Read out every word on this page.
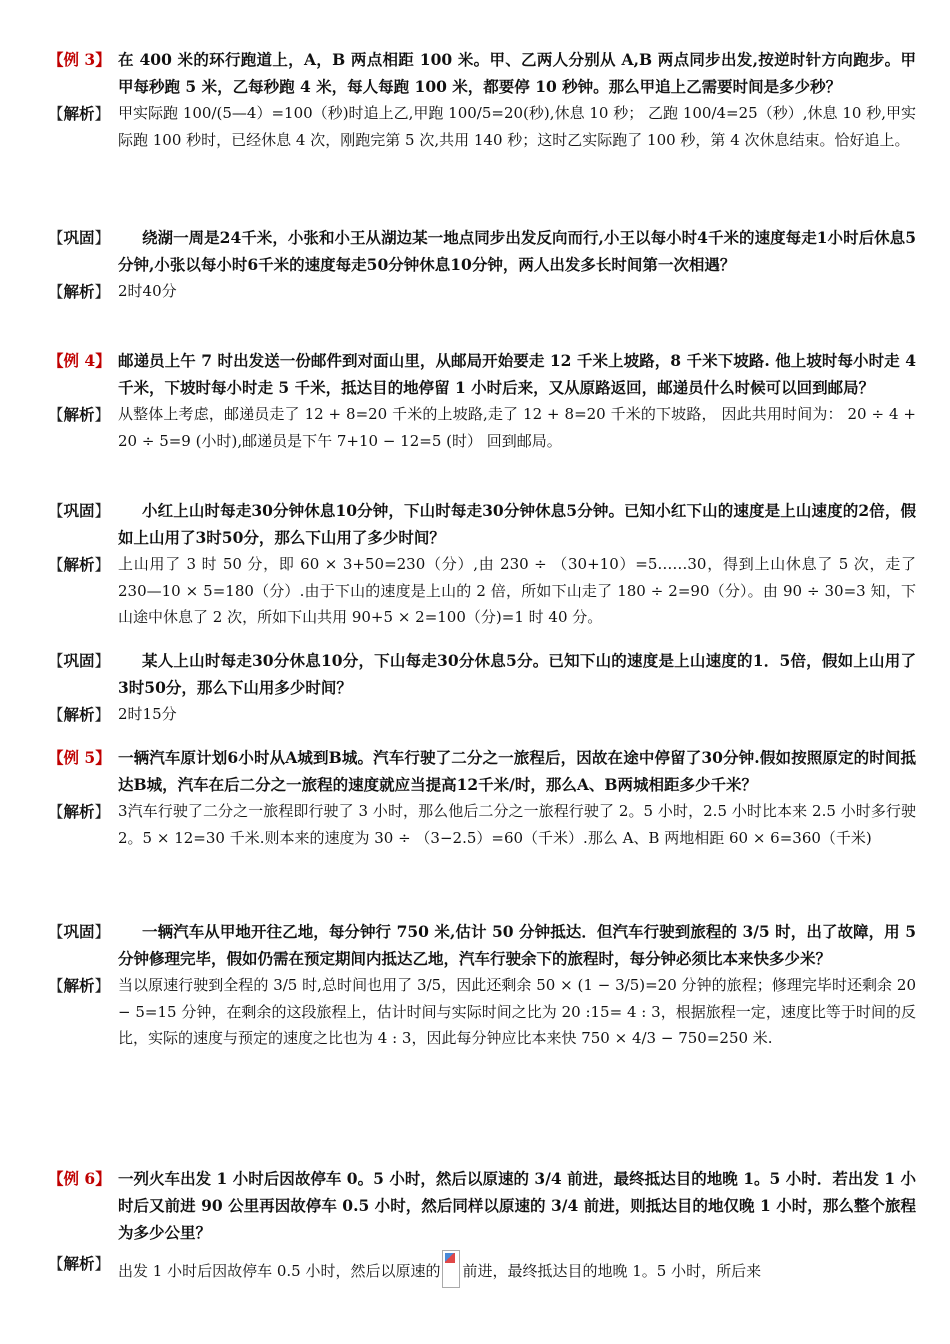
【例 3】 在 400 米的环行跑道上，A，B 两点相距 100 米。甲、乙两人分别从 A,B 两点同步出发,按逆时针方向跑步。甲甲每秒跑 5 米，乙每秒跑 4 米，每人每跑 100 米，都要停 10 秒钟。那么甲追上乙需要时间是多少秒？
【解析】 甲实际跑 100/(5—4）=100（秒)时追上乙,甲跑 100/5=20(秒),休息 10 秒； 乙跑 100/4=25（秒）,休息 10 秒,甲实际跑 100 秒时，已经休息 4 次，刚跑完第 5 次,共用 140 秒；这时乙实际跑了 100 秒，第 4 次休息结束。恰好追上。
【巩固】	绕湖一周是24千米，小张和小王从湖边某一地点同步出发反向而行,小王以每小时4千米的速度每走1小时后休息5分钟,小张以每小时6千米的速度每走50分钟休息10分钟，两人出发多长时间第一次相遇？
【解析】 2时40分
【例 4】 邮递员上午 7 时出发送一份邮件到对面山里，从邮局开始要走 12 千米上坡路，8 千米下坡路. 他上坡时每小时走 4 千米，下坡时每小时走 5 千米，抵达目的地停留 1 小时后来，又从原路返回，邮递员什么时候可以回到邮局？
【解析】 从整体上考虑，邮递员走了 12 + 8=20 千米的上坡路,走了 12 + 8=20 千米的下坡路， 因此共用时间为： 20 ÷ 4 + 20 ÷ 5=9 (小时),邮递员是下午 7+10 − 12=5 (时） 回到邮局。
【巩固】	小红上山时每走30分钟休息10分钟，下山时每走30分钟休息5分钟。已知小红下山的速度是上山速度的2倍，假如上山用了3时50分，那么下山用了多少时间？
【解析】 上山用了 3 时 50 分，即 60 × 3+50=230（分）,由 230 ÷ （30+10）=5……30，得到上山休息了 5 次，走了 230—10 × 5=180（分）.由于下山的速度是上山的 2 倍，所如下山走了 180 ÷ 2=90（分）。由 90 ÷ 30=3 知，下山途中休息了 2 次，所如下山共用 90+5 × 2=100（分)=1 时 40 分。
【巩固】	某人上山时每走30分休息10分，下山每走30分休息5分。已知下山的速度是上山速度的1．5倍，假如上山用了3时50分，那么下山用多少时间？
【解析】 2时15分
【例 5】 一辆汽车原计划6小时从A城到B城。汽车行驶了二分之一旅程后，因故在途中停留了30分钟.假如按照原定的时间抵达B城，汽车在后二分之一旅程的速度就应当提高12千米/时，那么A、B两城相距多少千米？
【解析】 3汽车行驶了二分之一旅程即行驶了 3 小时，那么他后二分之一旅程行驶了 2。5 小时，2.5 小时比本来 2.5 小时多行驶 2。5 × 12=30 千米.则本来的速度为 30 ÷ （3−2.5）=60（千米）.那么 A、B 两地相距 60 × 6=360（千米)
【巩固】	一辆汽车从甲地开往乙地，每分钟行 750 米,估计 50 分钟抵达．但汽车行驶到旅程的 3/5 时，出了故障，用 5 分钟修理完毕，假如仍需在预定期间内抵达乙地，汽车行驶余下的旅程时，每分钟必须比本来快多少米？
【解析】 当以原速行驶到全程的 3/5 时,总时间也用了 3/5，因此还剩余 50 × (1 − 3/5)=20 分钟的旅程；修理完毕时还剩余 20 − 5=15 分钟，在剩余的这段旅程上，估计时间与实际时间之比为 20 :15= 4 : 3，根据旅程一定，速度比等于时间的反比，实际的速度与预定的速度之比也为 4 : 3，因此每分钟应比本来快 750 × 4/3 − 750=250 米.
【例 6】 一列火车出发 1 小时后因故停车 0。5 小时，然后以原速的 3/4 前进，最终抵达目的地晚 1。5 小时．若出发 1 小时后又前进 90 公里再因故停车 0.5 小时，然后同样以原速的 3/4 前进，则抵达目的地仅晚 1 小时，那么整个旅程为多少公里？
【解析】 出发 1 小时后因故停车 0.5 小时，然后以原速的 前进，最终抵达目的地晚 1。5 小时，所后来
